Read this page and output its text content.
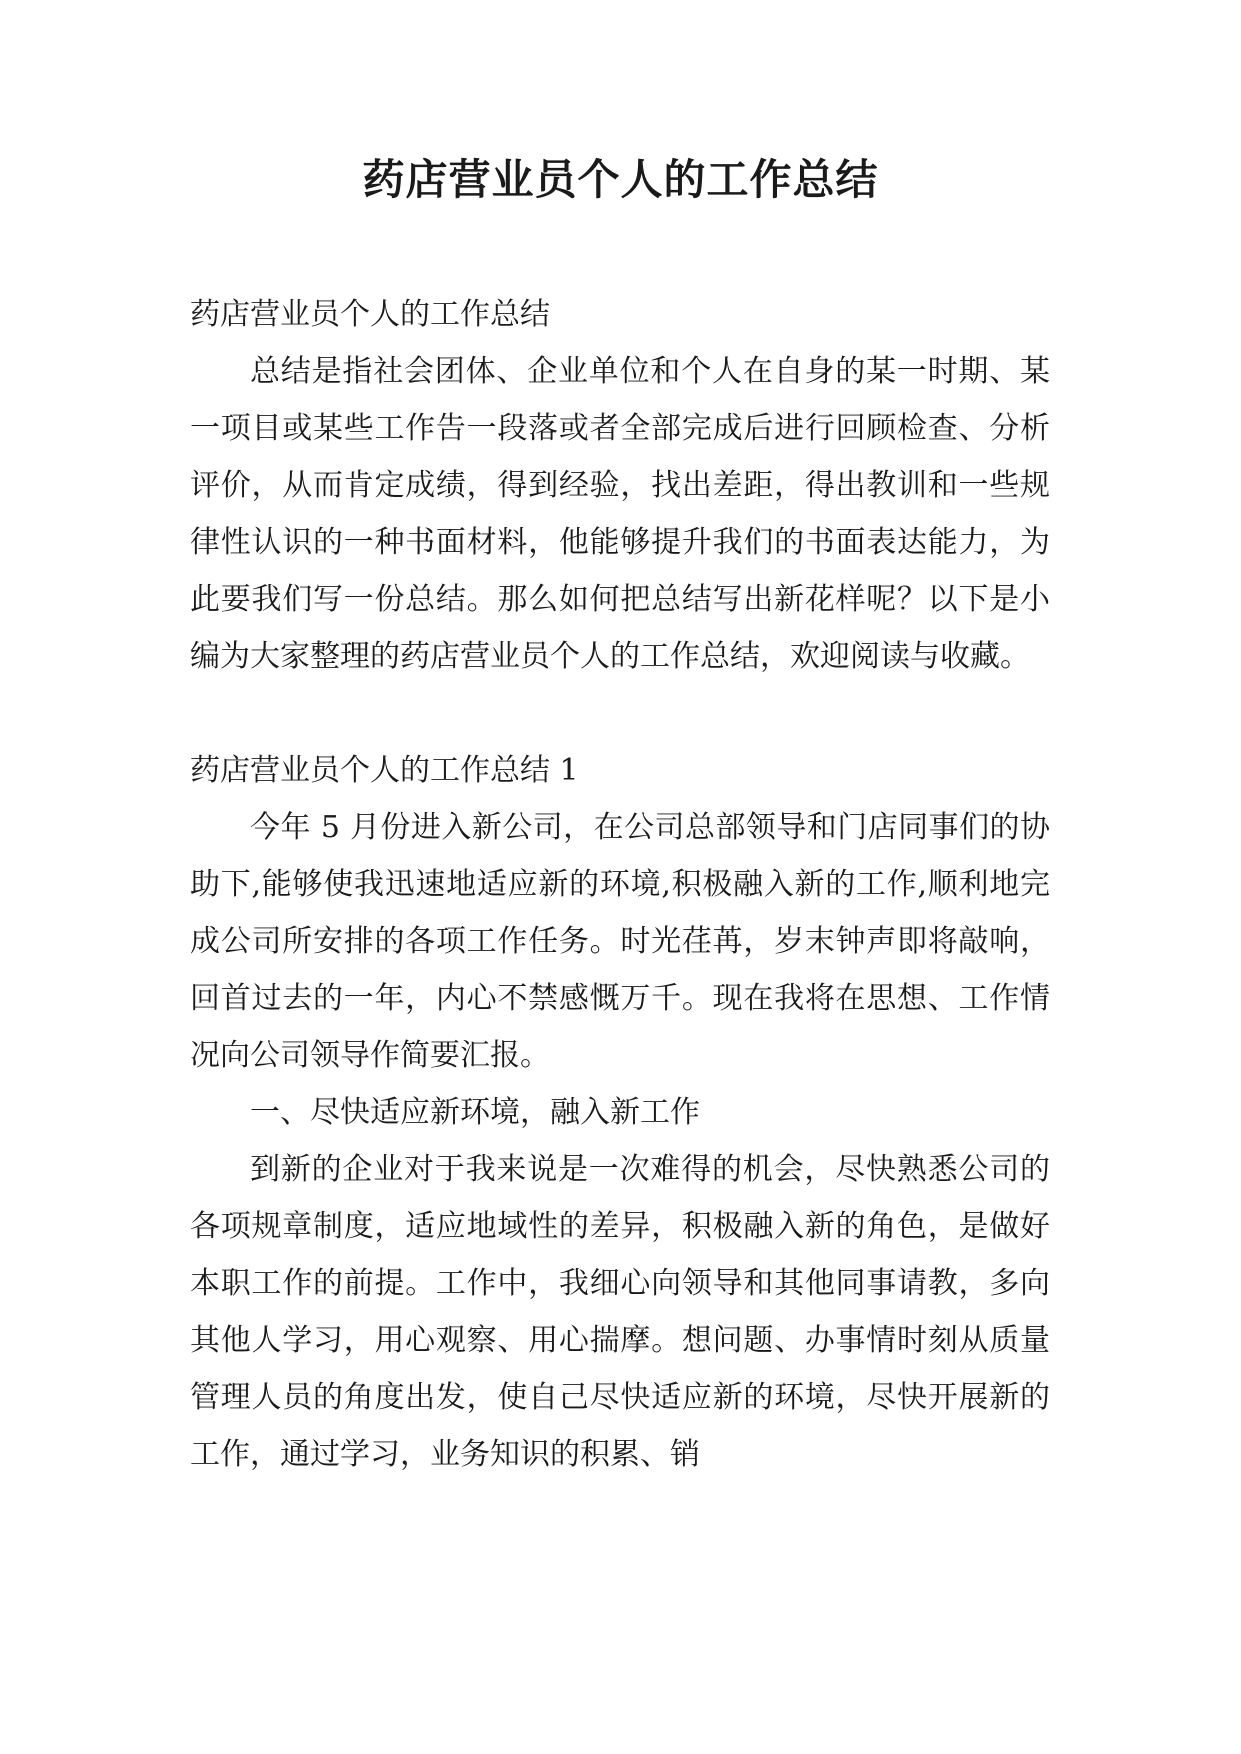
药店营业员个人的工作总结

药店营业员个人的工作总结

总结是指社会团体、企业单位和个人在自身的某一时期、某一项目或某些工作告一段落或者全部完成后进行回顾检查、分析评价，从而肯定成绩，得到经验，找出差距，得出教训和一些规律性认识的一种书面材料，他能够提升我们的书面表达能力，为此要我们写一份总结。那么如何把总结写出新花样呢？以下是小编为大家整理的药店营业员个人的工作总结，欢迎阅读与收藏。

药店营业员个人的工作总结 1

今年 5 月份进入新公司，在公司总部领导和门店同事们的协助下,能够使我迅速地适应新的环境,积极融入新的工作,顺利地完成公司所安排的各项工作任务。时光荏苒，岁末钟声即将敲响，回首过去的一年，内心不禁感慨万千。现在我将在思想、工作情况向公司领导作简要汇报。

一、尽快适应新环境，融入新工作

到新的企业对于我来说是一次难得的机会，尽快熟悉公司的各项规章制度，适应地域性的差异，积极融入新的角色，是做好本职工作的前提。工作中，我细心向领导和其他同事请教，多向其他人学习，用心观察、用心揣摩。想问题、办事情时刻从质量管理人员的角度出发，使自己尽快适应新的环境，尽快开展新的工作，通过学习，业务知识的积累、销
